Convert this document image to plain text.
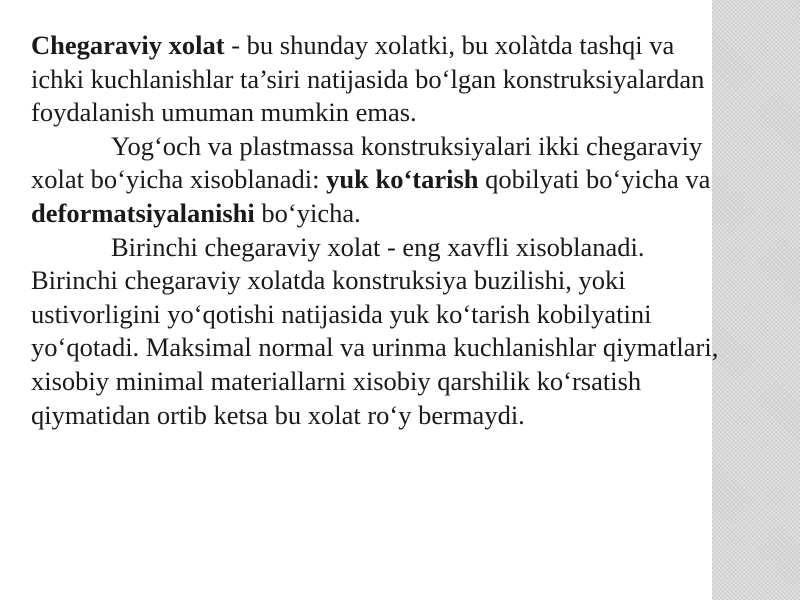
Chegaraviy xolat - bu shunday xolatki, bu xolàtda tashqi va ichki kuchlanishlar ta’siri natijasida bo‘lgan konstruksiyalardan foydalanish umuman mumkin emas.

Yog‘och va plastmassa konstruksiyalari ikki chegaraviy xolat bo‘yicha xisoblanadi: yuk ko‘tarish qobilyati bo‘yicha va deformatsiyalanishi bo‘yicha.

Birinchi chegaraviy xolat - eng xavfli xisoblanadi. Birinchi chegaraviy xolatda konstruksiya buzilishi, yoki ustivorligini yo‘qotishi natijasida yuk ko‘tarish kobilyatini yo‘qotadi. Maksimal normal va urinma kuchlanishlar qiymatlari, xisobiy minimal materiallarni xisobiy qarshilik ko‘rsatish qiymatidan ortib ketsa bu xolat ro‘y bermaydi.
